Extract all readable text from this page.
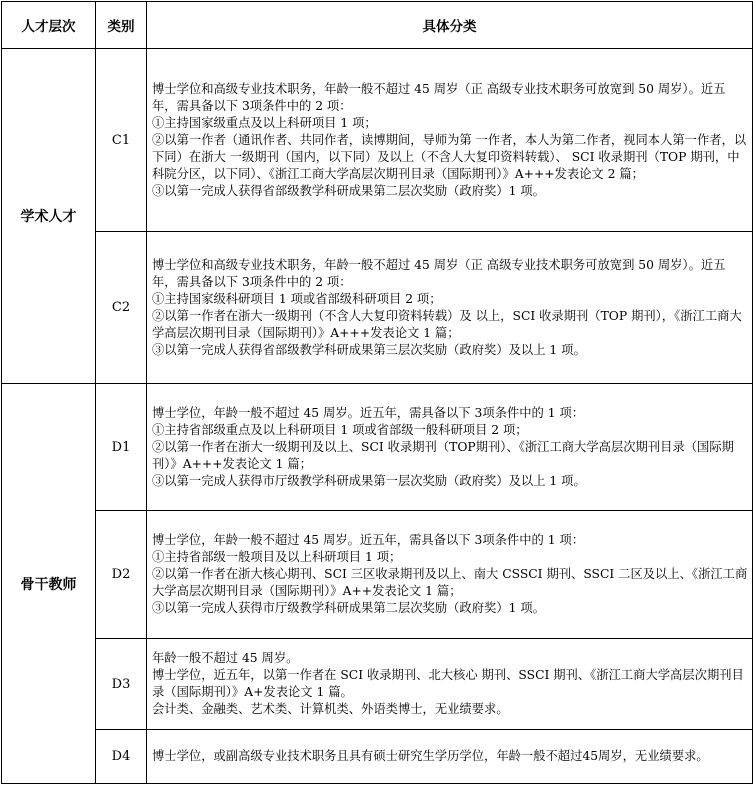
人才层次	类别	具体分类
学术人才	C1	博士学位和高级专业技术职务，年龄一般不超过 45 周岁（正 高级专业技术职务可放宽到 50 周岁）。近五年，需具备以下 3项条件中的 2 项：
①主持国家级重点及以上科研项目 1 项；
②以第一作者（通讯作者、共同作者，读博期间，导师为第 一作者，本人为第二作者，视同本人第一作者，以下同）在浙大 一级期刊（国内，以下同）及以上（不含人大复印资料转载）、 SCI 收录期刊（TOP 期刊，中科院分区，以下同）、《浙江工商大学高层次期刊目录（国际期刊）》A+++发表论文 2 篇；
③以第一完成人获得省部级教学科研成果第二层次奖励（政府奖）1 项。

	C2	博士学位和高级专业技术职务，年龄一般不超过 45 周岁（正 高级专业技术职务可放宽到 50 周岁）。近五年，需具备以下 3项条件中的 2 项：
①主持国家级科研项目 1 项或省部级科研项目 2 项；
②以第一作者在浙大一级期刊（不含人大复印资料转载）及 以上，SCI 收录期刊（TOP 期刊），《浙江工商大学高层次期刊目录（国际期刊）》A+++发表论文 1 篇；
③以第一完成人获得省部级教学科研成果第三层次奖励（政府奖）及以上 1 项。

骨干教师	D1	博士学位，年龄一般不超过 45 周岁。近五年，需具备以下 3项条件中的 1 项：
①主持省部级重点及以上科研项目 1 项或省部级一般科研项目 2 项；
②以第一作者在浙大一级期刊及以上、SCI 收录期刊（TOP期刊）、《浙江工商大学高层次期刊目录（国际期刊）》A+++发表论文 1 篇；
③以第一完成人获得市厅级教学科研成果第一层次奖励（政府奖）及以上 1 项。

	D2	博士学位，年龄一般不超过 45 周岁。近五年，需具备以下 3项条件中的 1 项：
①主持省部级一般项目及以上科研项目 1 项；
②以第一作者在浙大核心期刊、SCI 三区收录期刊及以上、南大 CSSCI 期刊、SSCI 二区及以上、《浙江工商大学高层次期刊目录（国际期刊）》A++发表论文 1 篇；
③以第一完成人获得市厅级教学科研成果第二层次奖励（政府奖）1 项。

	D3	年龄一般不超过 45 周岁。
博士学位，近五年，以第一作者在 SCI 收录期刊、北大核心 期刊、SSCI 期刊、《浙江工商大学高层次期刊目录（国际期刊）》A+发表论文 1 篇。
会计类、金融类、艺术类、计算机类、外语类博士，无业绩要求。

	D4	博士学位，或副高级专业技术职务且具有硕士研究生学历学位，年龄一般不超过45周岁，无业绩要求。
